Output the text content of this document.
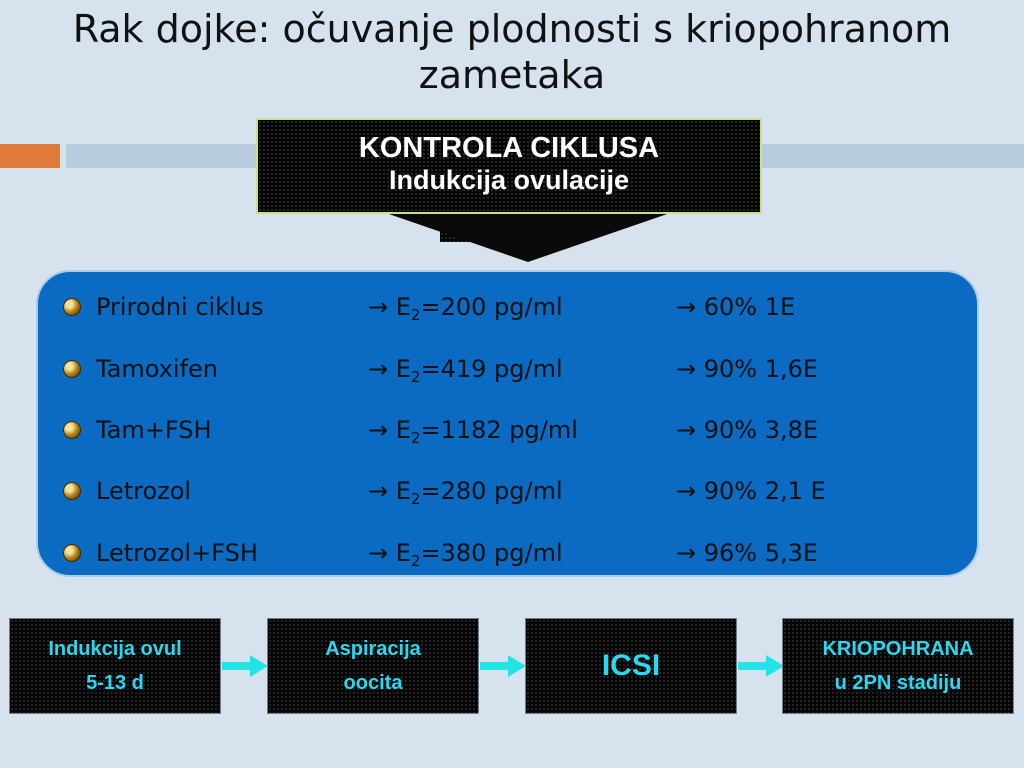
Rak dojke: očuvanje plodnosti s kriopohranom
zametaka
KONTROLA CIKLUSA
Indukcija ovulacije
Prirodni ciklus	→ $E_2=200$ pg/ml	→ 60% 1E
Tamoxifen	→ $E_2=419$ pg/ml	→ 90% 1,6E
Tam+FSH	→ $E_2=1182$ pg/ml	→ 90% 3,8E
Letrozol	→ $E_2=280$ pg/ml	→ 90% 2,1 E
Letrozol+FSH	→ $E_2=380$ pg/ml	→ 96% 5,3E
Indukcija ovul
5-13 d
Aspiracija
oocita
ICSI	KRIOPOHRANA
u 2PN stadiju
